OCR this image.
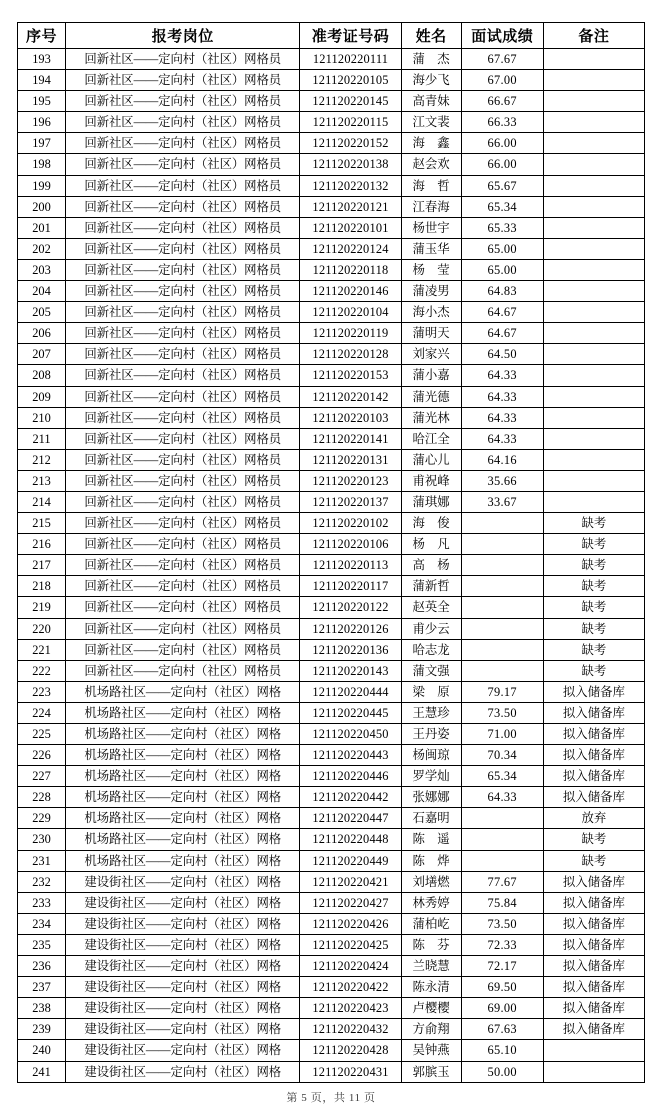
序号	报考岗位	准考证号码	姓名	面试成绩	备注
193	回新社区——定向村（社区）网格员	121120220111	蒲　杰	67.67	
194	回新社区——定向村（社区）网格员	121120220105	海少飞	67.00	
195	回新社区——定向村（社区）网格员	121120220145	高青妹	66.67	
196	回新社区——定向村（社区）网格员	121120220115	江文裴	66.33	
197	回新社区——定向村（社区）网格员	121120220152	海　鑫	66.00	
198	回新社区——定向村（社区）网格员	121120220138	赵会欢	66.00	
199	回新社区——定向村（社区）网格员	121120220132	海　哲	65.67	
200	回新社区——定向村（社区）网格员	121120220121	江春海	65.34	
201	回新社区——定向村（社区）网格员	121120220101	杨世宇	65.33	
202	回新社区——定向村（社区）网格员	121120220124	蒲玉华	65.00	
203	回新社区——定向村（社区）网格员	121120220118	杨　莹	65.00	
204	回新社区——定向村（社区）网格员	121120220146	蒲凌男	64.83	
205	回新社区——定向村（社区）网格员	121120220104	海小杰	64.67	
206	回新社区——定向村（社区）网格员	121120220119	蒲明天	64.67	
207	回新社区——定向村（社区）网格员	121120220128	刘家兴	64.50	
208	回新社区——定向村（社区）网格员	121120220153	蒲小嘉	64.33	
209	回新社区——定向村（社区）网格员	121120220142	蒲光德	64.33	
210	回新社区——定向村（社区）网格员	121120220103	蒲光林	64.33	
211	回新社区——定向村（社区）网格员	121120220141	哈江全	64.33	
212	回新社区——定向村（社区）网格员	121120220131	蒲心儿	64.16	
213	回新社区——定向村（社区）网格员	121120220123	甫祝峰	35.66	
214	回新社区——定向村（社区）网格员	121120220137	蒲琪娜	33.67	
215	回新社区——定向村（社区）网格员	121120220102	海　俊		缺考
216	回新社区——定向村（社区）网格员	121120220106	杨　凡		缺考
217	回新社区——定向村（社区）网格员	121120220113	高　杨		缺考
218	回新社区——定向村（社区）网格员	121120220117	蒲新哲		缺考
219	回新社区——定向村（社区）网格员	121120220122	赵英全		缺考
220	回新社区——定向村（社区）网格员	121120220126	甫少云		缺考
221	回新社区——定向村（社区）网格员	121120220136	哈志龙		缺考
222	回新社区——定向村（社区）网格员	121120220143	蒲文强		缺考
223	机场路社区——定向村（社区）网格	121120220444	梁　原	79.17	拟入储备库
224	机场路社区——定向村（社区）网格	121120220445	王慧珍	73.50	拟入储备库
225	机场路社区——定向村（社区）网格	121120220450	王丹姿	71.00	拟入储备库
226	机场路社区——定向村（社区）网格	121120220443	杨闽琼	70.34	拟入储备库
227	机场路社区——定向村（社区）网格	121120220446	罗学灿	65.34	拟入储备库
228	机场路社区——定向村（社区）网格	121120220442	张娜娜	64.33	拟入储备库
229	机场路社区——定向村（社区）网格	121120220447	石嘉明		放弃
230	机场路社区——定向村（社区）网格	121120220448	陈　遥		缺考
231	机场路社区——定向村（社区）网格	121120220449	陈　烨		缺考
232	建设街社区——定向村（社区）网格	121120220421	刘墡燃	77.67	拟入储备库
233	建设街社区——定向村（社区）网格	121120220427	林秀婷	75.84	拟入储备库
234	建设街社区——定向村（社区）网格	121120220426	蒲柏屹	73.50	拟入储备库
235	建设街社区——定向村（社区）网格	121120220425	陈　芬	72.33	拟入储备库
236	建设街社区——定向村（社区）网格	121120220424	兰晓慧	72.17	拟入储备库
237	建设街社区——定向村（社区）网格	121120220422	陈永清	69.50	拟入储备库
238	建设街社区——定向村（社区）网格	121120220423	卢樱樱	69.00	拟入储备库
239	建设街社区——定向村（社区）网格	121120220432	方俞翔	67.63	拟入储备库
240	建设街社区——定向村（社区）网格	121120220428	吴钟燕	65.10	
241	建设街社区——定向村（社区）网格	121120220431	郭膑玉	50.00	
第 5 页，共 11 页
